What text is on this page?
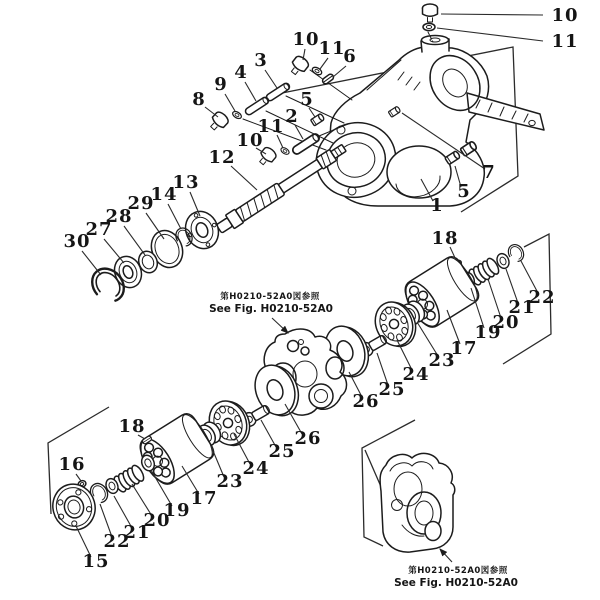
第H0210-52A0図参照
See Fig. H0210-52A0
第H0210-52A0図参照
See Fig. H0210-52A0
10
11
10
11
6
3
4
9
8	5
2
11
10
12
13
14
29
28
27
30
1
5
7
18
22
21
20
19
17
23
24
25
26
26
25
24
23
18
16
15
22
21
20
19
17
